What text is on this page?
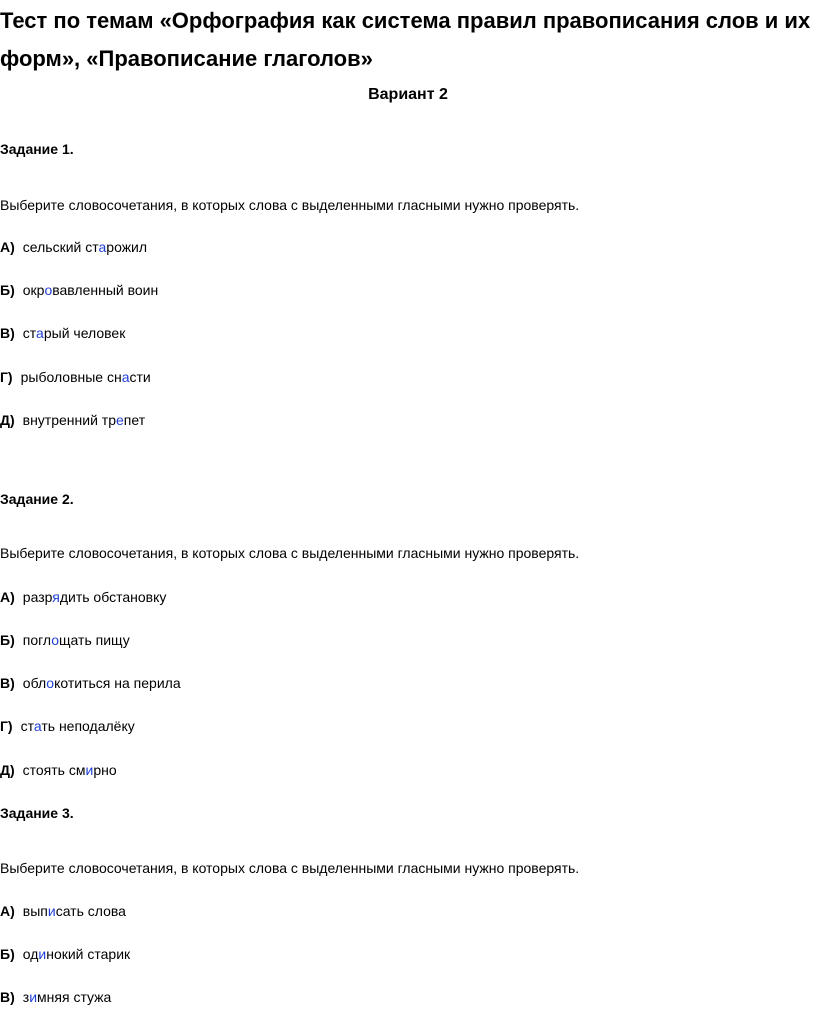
Тест по темам «Орфография как система правил правописания слов и их форм», «Правописание глаголов»
Вариант 2
Задание 1.
Выберите словосочетания, в которых слова с выделенными гласными нужно проверять.
А) сельский старожил
Б) окровавленный воин
В) старый человек
Г) рыболовные снасти
Д) внутренний трепет
Задание 2.
Выберите словосочетания, в которых слова с выделенными гласными нужно проверять.
А) разрядить обстановку
Б) поглощать пищу
В) облокотиться на перила
Г) стать неподалёку
Д) стоять смирно
Задание 3.
Выберите словосочетания, в которых слова с выделенными гласными нужно проверять.
А) выписать слова
Б) одинокий старик
В) зимняя стужа
